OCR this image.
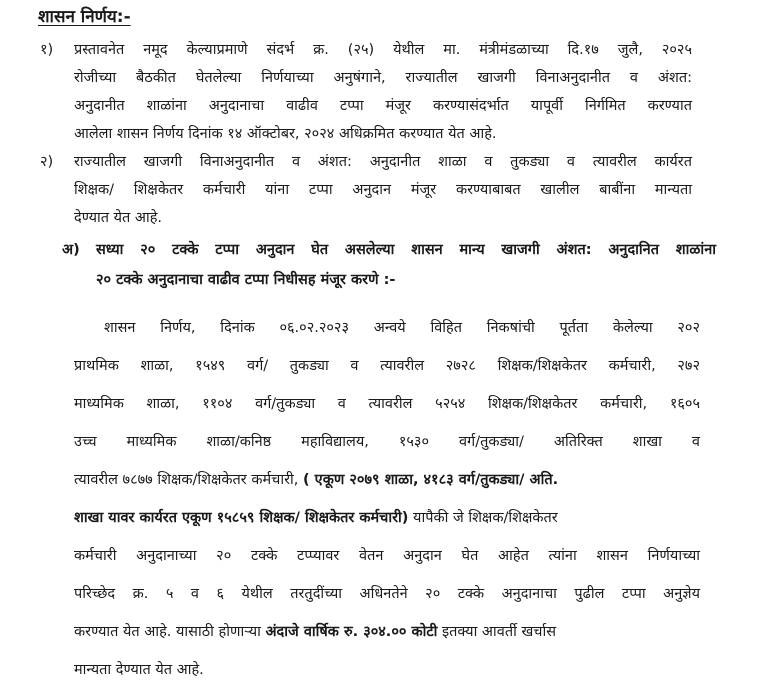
शासन निर्णय:-
१) प्रस्तावनेत नमूद केल्याप्रमाणे संदर्भ क्र. (२५) येथील मा. मंत्रीमंडळाच्या दि.१७ जुलै, २०२५
रोजीच्या बैठकीत घेतलेल्या निर्णयाच्या अनुषंगाने, राज्यातील खाजगी विनाअनुदानीत व अंशत:
अनुदानीत शाळांना अनुदानाचा वाढीव टप्पा मंजूर करण्यासंदर्भात यापूर्वी निर्गमित करण्यात
आलेला शासन निर्णय दिनांक १४ ऑक्टोबर, २०२४ अधिक्रमित करण्यात येत आहे.
२) राज्यातील खाजगी विनाअनुदानीत व अंशत: अनुदानीत शाळा व तुकड्या व त्यावरील कार्यरत
शिक्षक/ शिक्षकेतर कर्मचारी यांना टप्पा अनुदान मंजूर करण्याबाबत खालील बाबींना मान्यता
देण्यात येत आहे.
अ) सध्या २० टक्के टप्पा अनुदान घेत असलेल्या शासन मान्य खाजगी अंशत: अनुदानित शाळांना
२० टक्के अनुदानाचा वाढीव टप्पा निधीसह मंजूर करणे :-
शासन निर्णय, दिनांक ०६.०२.२०२३ अन्वये विहित निकषांची पूर्तता केलेल्या २०२
प्राथमिक शाळा, १५४९ वर्ग/ तुकड्या व त्यावरील २७२८ शिक्षक/शिक्षकेतर कर्मचारी, २७२
माध्यमिक शाळा, ११०४ वर्ग/तुकड्या व त्यावरील ५२५४ शिक्षक/शिक्षकेतर कर्मचारी, १६०५
उच्च माध्यमिक शाळा/कनिष्ठ महाविद्यालय, १५३० वर्ग/तुकड्या/ अतिरिक्त शाखा व
त्यावरील ७८७७ शिक्षक/शिक्षकेतर कर्मचारी, ( एकूण २०७९ शाळा, ४१८३ वर्ग/तुकड्या/ अति.
शाखा यावर कार्यरत एकूण १५८५९ शिक्षक/ शिक्षकेतर कर्मचारी) यापैकी जे शिक्षक/शिक्षकेतर
कर्मचारी अनुदानाच्या २० टक्के टप्प्यावर वेतन अनुदान घेत आहेत त्यांना शासन निर्णयाच्या
परिच्छेद क्र. ५ व ६ येथील तरतुदींच्या अधिनतेने २० टक्के अनुदानाचा पुढील टप्पा अनुज्ञेय
करण्यात येत आहे. यासाठी होणाऱ्या अंदाजे वार्षिक रु. ३०४.०० कोटी इतक्या आवर्ती खर्चास
मान्यता देण्यात येत आहे.
